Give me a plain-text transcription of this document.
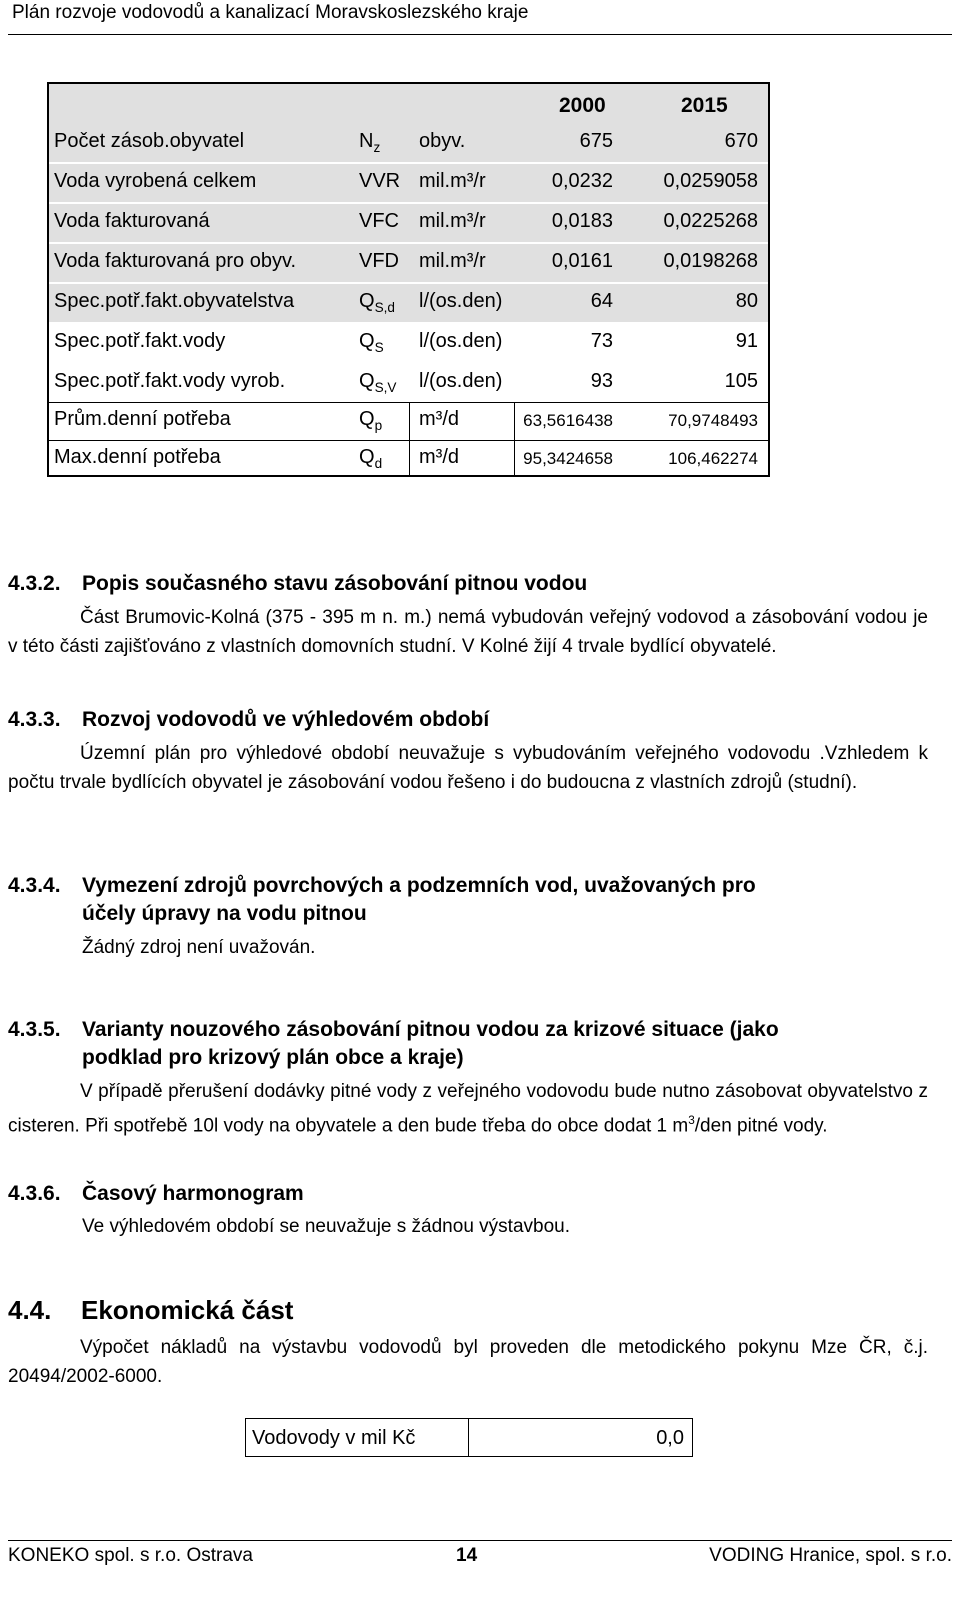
Plán rozvoje vodovodů a kanalizací Moravskoslezského kraje
2000	2015
Počet zásob.obyvatel	$N_z$ obyv.	675	670
Voda vyrobená celkem	VVR mil.m³/r	0,0232	0,0259058
Voda fakturovaná	VFC mil.m³/r	0,0183	0,0225268
Voda fakturovaná pro obyv.	VFD mil.m³/r	0,0161	0,0198268
Spec.potř.fakt.obyvatelstva	$Q_{S,d}$ l/(os.den)	64	80
Spec.potř.fakt.vody	$Q_S$ l/(os.den)	73	91
Spec.potř.fakt.vody vyrob.	$Q_{S,V}$ l/(os.den)	93	105
Prům.denní potřeba	$Q_p$ m³/d	63,5616438	70,9748493
Max.denní potřeba	$Q_d$ m³/d	95,3424658	106,462274
4.3.2. Popis současného stavu zásobování pitnou vodou
Část Brumovic-Kolná (375 - 395 m n. m.) nemá vybudován veřejný vodovod a zásobování vodou je v této části zajišťováno z vlastních domovních studní. V Kolné žijí 4 trvale bydlící obyvatelé.
4.3.3. Rozvoj vodovodů ve výhledovém období
Územní plán pro výhledové období neuvažuje s vybudováním veřejného vodovodu .Vzhledem k počtu trvale bydlících obyvatel je zásobování vodou řešeno i do budoucna z vlastních zdrojů (studní).
4.3.4. Vymezení zdrojů povrchových a podzemních vod, uvažovaných pro
účely úpravy na vodu pitnou
Žádný zdroj není uvažován.
4.3.5. Varianty nouzového zásobování pitnou vodou za krizové situace (jako
podklad pro krizový plán obce a kraje)
V případě přerušení dodávky pitné vody z veřejného vodovodu bude nutno zásobovat obyvatelstvo z cisteren. Při spotřebě 10l vody na obyvatele a den bude třeba do obce dodat 1 $m^3$/den pitné vody.
4.3.6. Časový harmonogram
Ve výhledovém období se neuvažuje s žádnou výstavbou.
4.4. Ekonomická část
Výpočet nákladů na výstavbu vodovodů byl proveden dle metodického pokynu Mze ČR, č.j. 20494/2002-6000.
Vodovody v mil Kč	0,0
KONEKO spol. s r.o. Ostrava	14	VODING Hranice, spol. s r.o.
